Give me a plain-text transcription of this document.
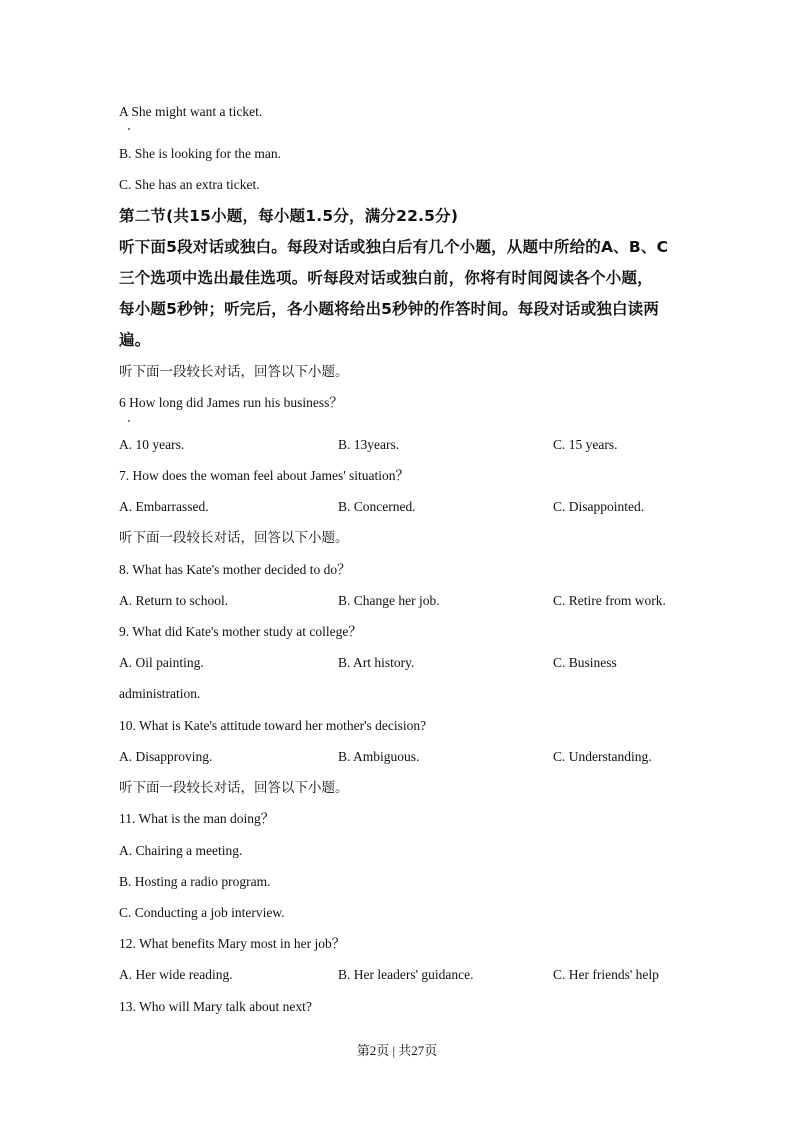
A She might want a ticket.
B. She is looking for the man.
C. She has an extra ticket.
第二节(共15小题，每小题1.5分，满分22.5分)
听下面5段对话或独白。每段对话或独白后有几个小题，从题中所给的A、B、C
三个选项中选出最佳选项。听每段对话或独白前，你将有时间阅读各个小题，
每小题5秒钟；听完后，各小题将给出5秒钟的作答时间。每段对话或独白读两
遍。
听下面一段较长对话，回答以下小题。
6 How long did James run his business？
A. 10 years.	B. 13years.	C. 15 years.
7. How does the woman feel about James' situation？
A. Embarrassed.	B. Concerned.	C. Disappointed.
听下面一段较长对话，回答以下小题。
8. What has Kate's mother decided to do？
A. Return to school.	B. Change her job.	C. Retire from work.
9. What did Kate's mother study at college？
A. Oil painting.	B. Art history.	C. Business
administration.
10. What is Kate's attitude toward her mother's decision?
A. Disapproving.	B. Ambiguous.	C. Understanding.
听下面一段较长对话，回答以下小题。
11. What is the man doing？
A. Chairing a meeting.
B. Hosting a radio program.
C. Conducting a job interview.
12. What benefits Mary most in her job？
A. Her wide reading.	B. Her leaders' guidance.	C. Her friends' help
13. Who will Mary talk about next?
第2页 | 共27页
